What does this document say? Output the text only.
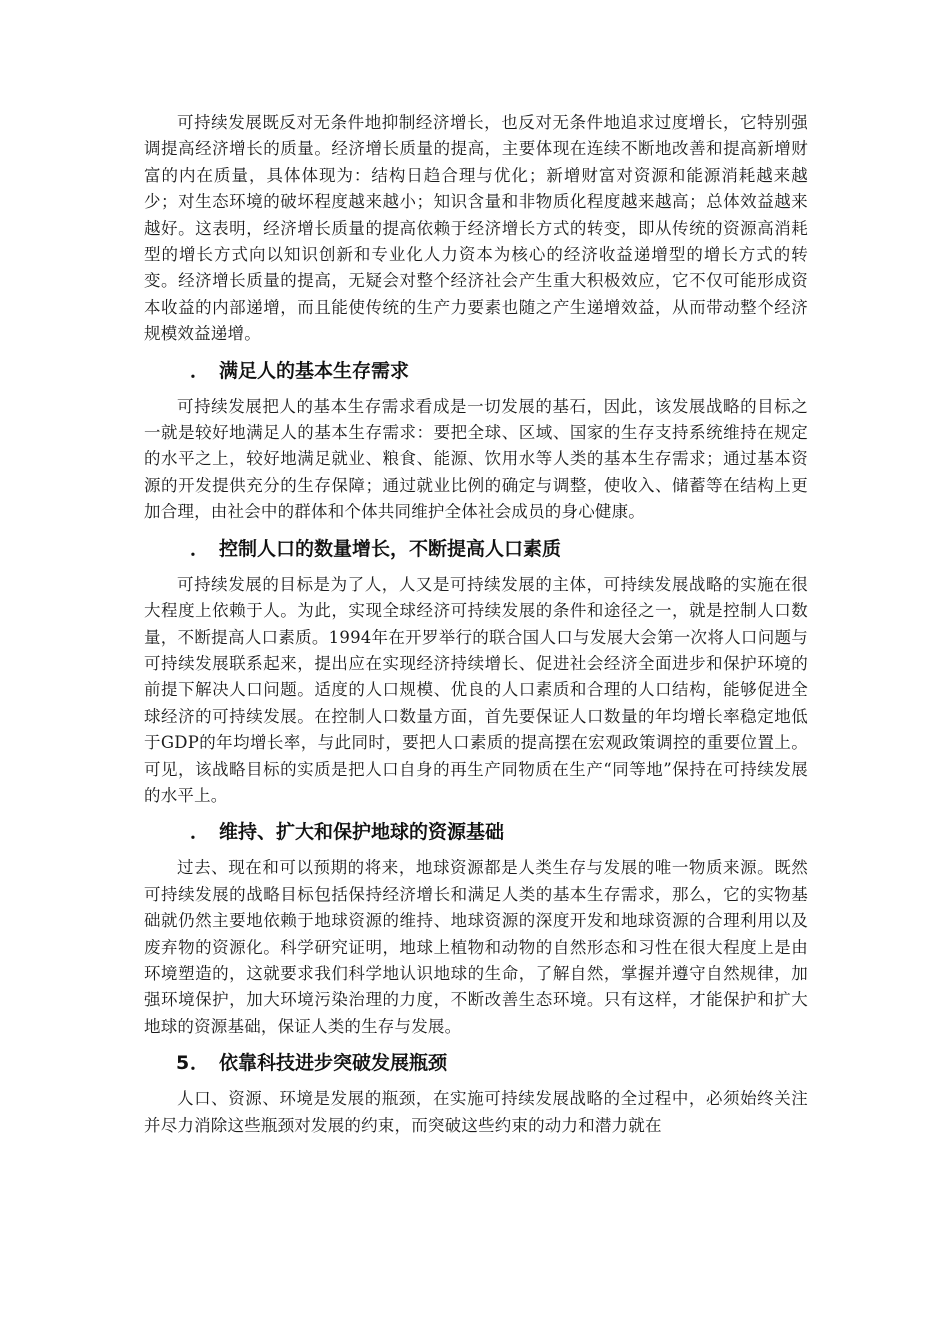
可持续发展既反对无条件地抑制经济增长，也反对无条件地追求过度增长，它特别强调提高经济增长的质量。经济增长质量的提高，主要体现在连续不断地改善和提高新增财富的内在质量，具体体现为：结构日趋合理与优化；新增财富对资源和能源消耗越来越少；对生态环境的破坏程度越来越小；知识含量和非物质化程度越来越高；总体效益越来越好。这表明，经济增长质量的提高依赖于经济增长方式的转变，即从传统的资源高消耗型的增长方式向以知识创新和专业化人力资本为核心的经济收益递增型的增长方式的转变。经济增长质量的提高，无疑会对整个经济社会产生重大积极效应，它不仅可能形成资本收益的内部递增，而且能使传统的生产力要素也随之产生递增效益，从而带动整个经济规模效益递增。

． 满足人的基本生存需求

可持续发展把人的基本生存需求看成是一切发展的基石，因此，该发展战略的目标之一就是较好地满足人的基本生存需求：要把全球、区域、国家的生存支持系统维持在规定的水平之上，较好地满足就业、粮食、能源、饮用水等人类的基本生存需求；通过基本资源的开发提供充分的生存保障；通过就业比例的确定与调整，使收入、储蓄等在结构上更加合理，由社会中的群体和个体共同维护全体社会成员的身心健康。

． 控制人口的数量增长，不断提高人口素质

可持续发展的目标是为了人，人又是可持续发展的主体，可持续发展战略的实施在很大程度上依赖于人。为此，实现全球经济可持续发展的条件和途径之一，就是控制人口数量，不断提高人口素质。1994年在开罗举行的联合国人口与发展大会第一次将人口问题与可持续发展联系起来，提出应在实现经济持续增长、促进社会经济全面进步和保护环境的前提下解决人口问题。适度的人口规模、优良的人口素质和合理的人口结构，能够促进全球经济的可持续发展。在控制人口数量方面，首先要保证人口数量的年均增长率稳定地低于GDP的年均增长率，与此同时，要把人口素质的提高摆在宏观政策调控的重要位置上。可见，该战略目标的实质是把人口自身的再生产同物质在生产“同等地”保持在可持续发展的水平上。

． 维持、扩大和保护地球的资源基础

过去、现在和可以预期的将来，地球资源都是人类生存与发展的唯一物质来源。既然可持续发展的战略目标包括保持经济增长和满足人类的基本生存需求，那么，它的实物基础就仍然主要地依赖于地球资源的维持、地球资源的深度开发和地球资源的合理利用以及废弃物的资源化。科学研究证明，地球上植物和动物的自然形态和习性在很大程度上是由环境塑造的，这就要求我们科学地认识地球的生命，了解自然，掌握并遵守自然规律，加强环境保护，加大环境污染治理的力度，不断改善生态环境。只有这样，才能保护和扩大地球的资源基础，保证人类的生存与发展。

5． 依靠科技进步突破发展瓶颈

人口、资源、环境是发展的瓶颈，在实施可持续发展战略的全过程中，必须始终关注并尽力消除这些瓶颈对发展的约束，而突破这些约束的动力和潜力就在
